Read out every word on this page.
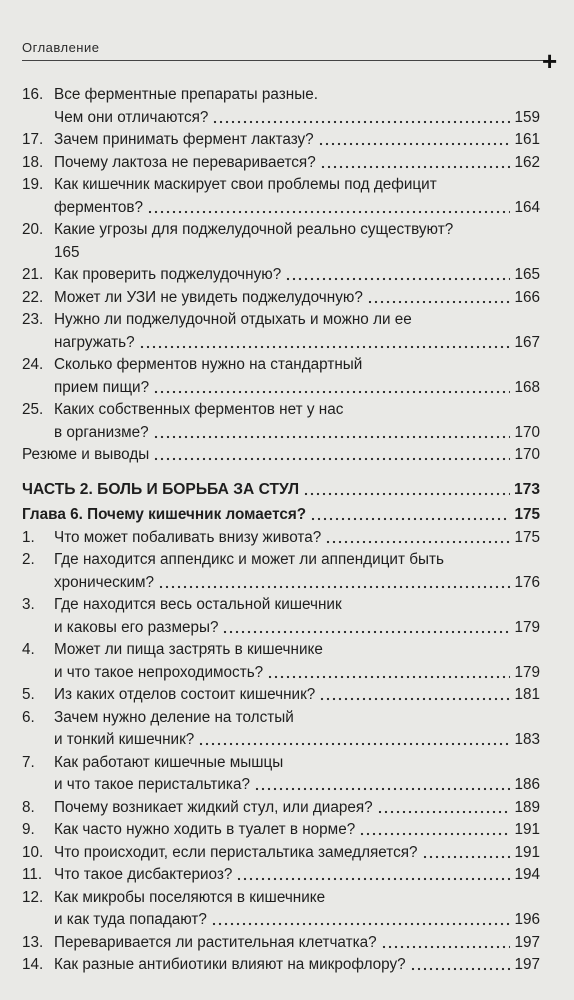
Оглавление	+
16. Все ферментные препараты разные.
Чем они отличаются?	159
17. Зачем принимать фермент лактазу?	161
18. Почему лактоза не переваривается?	162
19. Как кишечник маскирует свои проблемы под дефицит
ферментов?	164
20. Какие угрозы для поджелудочной реально существуют?
165
21. Как проверить поджелудочную?	165
22. Может ли УЗИ не увидеть поджелудочную?	166
23. Нужно ли поджелудочной отдыхать и можно ли ее
нагружать?	167
24. Сколько ферментов нужно на стандартный
прием пищи?	168
25. Каких собственных ферментов нет у нас
в организме?	170
Резюме и выводы	170
ЧАСТЬ 2. БОЛЬ И БОРЬБА ЗА СТУЛ	173
Глава 6. Почему кишечник ломается?	175
1.	Что может побаливать внизу живота?	175
2.	Где находится аппендикс и может ли аппендицит быть
хроническим?	176
3.	Где находится весь остальной кишечник
и каковы его размеры?	179
4.	Может ли пища застрять в кишечнике
и что такое непроходимость?	179
5.	Из каких отделов состоит кишечник?	181
6.	Зачем нужно деление на толстый
и тонкий кишечник?	183
7.	Как работают кишечные мышцы
и что такое перистальтика?	186
8.	Почему возникает жидкий стул, или диарея?	189
9.	Как часто нужно ходить в туалет в норме?	191
10. Что происходит, если перистальтика замедляется?	191
11. Что такое дисбактериоз?	194
12. Как микробы поселяются в кишечнике
и как туда попадают?	196
13. Переваривается ли растительная клетчатка?	197
14. Как разные антибиотики влияют на микрофлору?	197
